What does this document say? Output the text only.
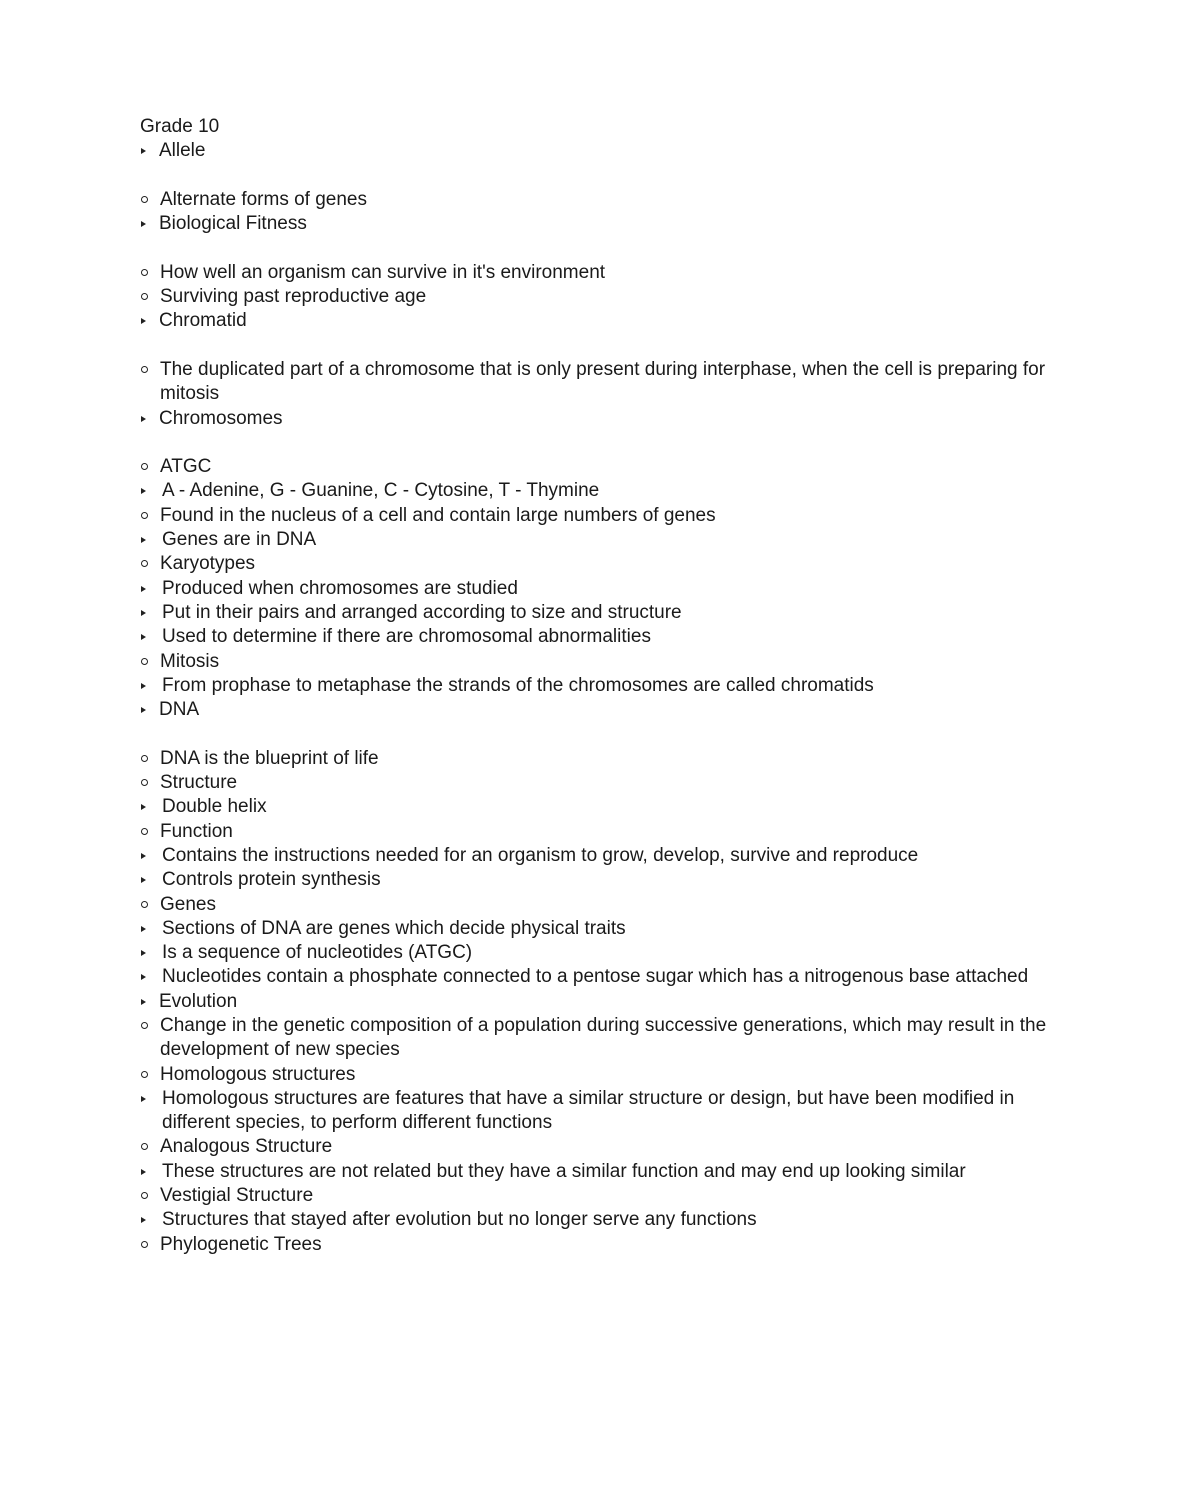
Grade 10
Allele
Alternate forms of genes
Biological Fitness
How well an organism can survive in it's environment
Surviving past reproductive age
Chromatid
The duplicated part of a chromosome that is only present during interphase, when the cell is preparing for mitosis
Chromosomes
ATGC
A - Adenine, G - Guanine, C - Cytosine, T - Thymine
Found in the nucleus of a cell and contain large numbers of genes
Genes are in DNA
Karyotypes
Produced when chromosomes are studied
Put in their pairs and arranged according to size and structure
Used to determine if there are chromosomal abnormalities
Mitosis
From prophase to metaphase the strands of the chromosomes are called chromatids
DNA
DNA is the blueprint of life
Structure
Double helix
Function
Contains the instructions needed for an organism to grow, develop, survive and reproduce
Controls protein synthesis
Genes
Sections of DNA are genes which decide physical traits
Is a sequence of nucleotides (ATGC)
Nucleotides contain a phosphate connected to a pentose sugar which has a nitrogenous base attached
Evolution
Change in the genetic composition of a population during successive generations, which may result in the development of new species
Homologous structures
Homologous structures are features that have a similar structure or design, but have been modified in different species, to perform different functions
Analogous Structure
These structures are not related but they have a similar function and may end up looking similar
Vestigial Structure
Structures that stayed after evolution but no longer serve any functions
Phylogenetic Trees
